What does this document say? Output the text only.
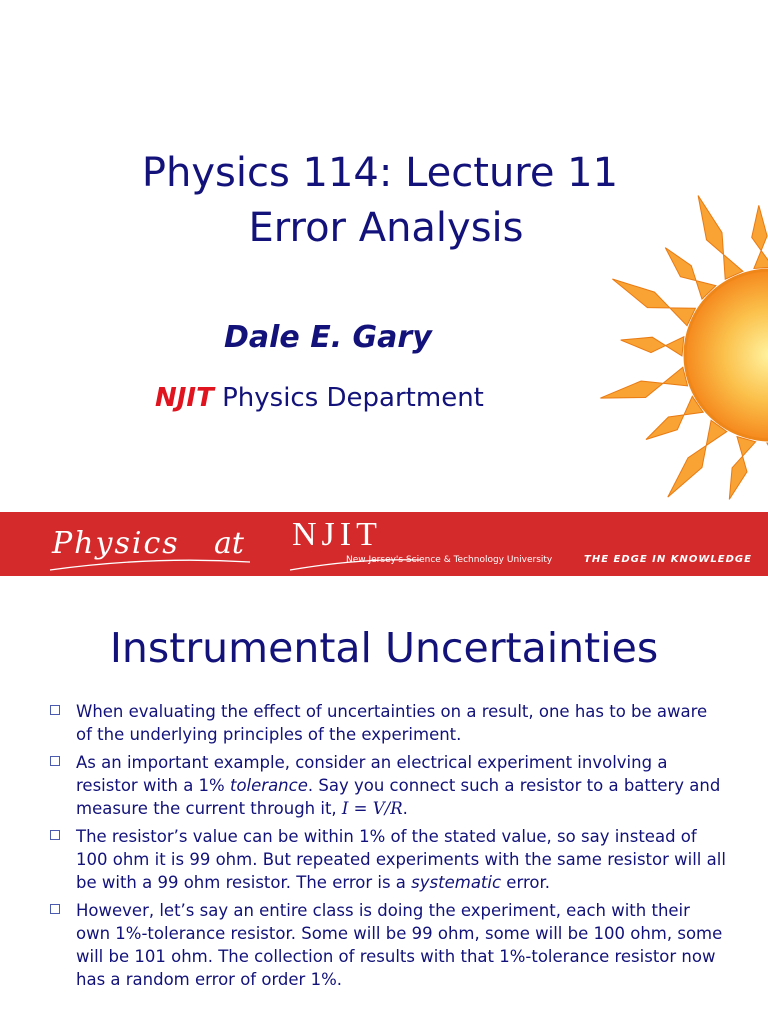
Physics 114: Lecture 11
Error Analysis
Dale E. Gary
NJIT Physics Department
Physics at NJIT
New Jersey's Science & Technology University	THE EDGE IN KNOWLEDGE
Instrumental Uncertainties
When evaluating the effect of uncertainties on a result, one has to be aware of the underlying principles of the experiment.
As an important example, consider an electrical experiment involving a resistor with a 1% tolerance. Say you connect such a resistor to a battery and measure the current through it, I = V/R.
The resistor’s value can be within 1% of the stated value, so say instead of 100 ohm it is 99 ohm. But repeated experiments with the same resistor will all be with a 99 ohm resistor. The error is a systematic error.
However, let’s say an entire class is doing the experiment, each with their own 1%-tolerance resistor. Some will be 99 ohm, some will be 100 ohm, some will be 101 ohm. The collection of results with that 1%-tolerance resistor now has a random error of order 1%.
